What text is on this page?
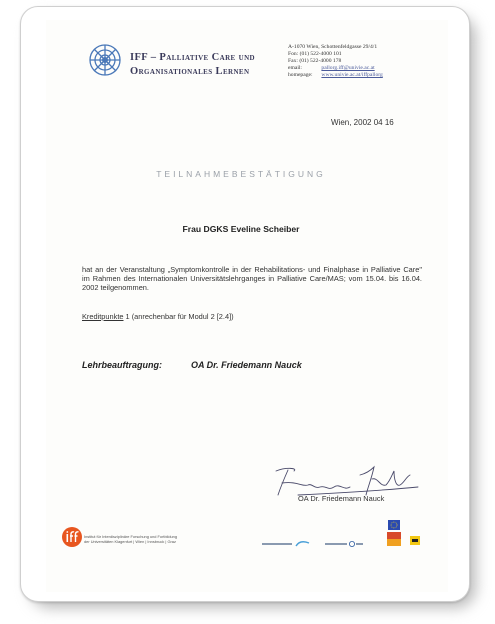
IFF – Palliative Care und
Organisationales Lernen
A-1070 Wien, Schottenfeldgasse 29/4/1
Fon: (01) 522-4000 101
Fax: (01) 522-4000 178
email:	pallorg.iff@univie.ac.at
homepage: www.univie.ac.at/iffpallorg
Wien, 2002 04 16
TEILNAHMEBESTÄTIGUNG
Frau DGKS Eveline Scheiber
hat an der Veranstaltung „Symptomkontrolle in der Rehabilitations- und Finalphase in Palliative Care" im Rahmen des Internationalen Universitätslehrganges in Palliative Care/MAS; vom 15.04. bis 16.04. 2002 teilgenommen.
Kreditpunkte 1 (anrechenbar für Modul 2 [2.4])
Lehrbeauftragung:	OA Dr. Friedemann Nauck
OA Dr. Friedemann Nauck
Institut für Interdisziplinäre Forschung und Fortbildung
der Universitäten Klagenfurt | Wien | Innsbruck | Graz
